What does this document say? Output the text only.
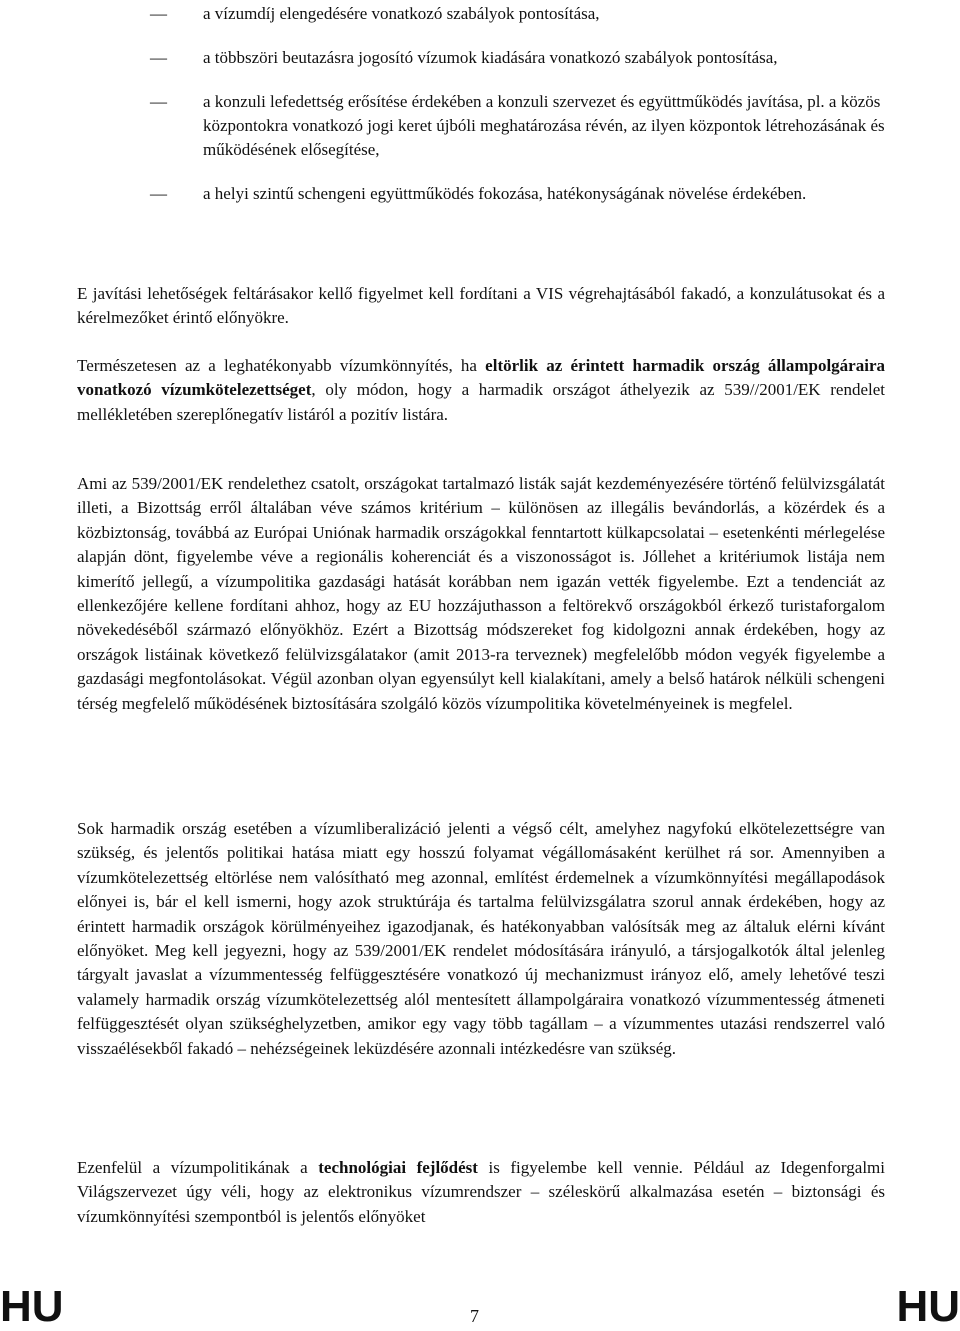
—	a vízumdíj elengedésére vonatkozó szabályok pontosítása,
—	a többszöri beutazásra jogosító vízumok kiadására vonatkozó szabályok pontosítása,
—	a konzuli lefedettség erősítése érdekében a konzuli szervezet és együttműködés javítása, pl. a közös központokra vonatkozó jogi keret újbóli meghatározása révén, az ilyen központok létrehozásának és működésének elősegítése,
—	a helyi szintű schengeni együttműködés fokozása, hatékonyságának növelése érdekében.
E javítási lehetőségek feltárásakor kellő figyelmet kell fordítani a VIS végrehajtásából fakadó, a konzulátusokat és a kérelmezőket érintő előnyökre.
Természetesen az a leghatékonyabb vízumkönnyítés, ha eltörlik az érintett harmadik ország állampolgáraira vonatkozó vízumkötelezettséget, oly módon, hogy a harmadik országot áthelyezik az 539//2001/EK rendelet mellékletében szereplőnegatív listáról a pozitív listára.
Ami az 539/2001/EK rendelethez csatolt, országokat tartalmazó listák saját kezdeményezésére történő felülvizsgálatát illeti, a Bizottság erről általában véve számos kritérium – különösen az illegális bevándorlás, a közérdek és a közbiztonság, továbbá az Európai Uniónak harmadik országokkal fenntartott külkapcsolatai – esetenkénti mérlegelése alapján dönt, figyelembe véve a regionális koherenciát és a viszonosságot is. Jóllehet a kritériumok listája nem kimerítő jellegű, a vízumpolitika gazdasági hatását korábban nem igazán vették figyelembe. Ezt a tendenciát az ellenkezőjére kellene fordítani ahhoz, hogy az EU hozzájuthasson a feltörekvő országokból érkező turistaforgalom növekedéséből származó előnyökhöz. Ezért a Bizottság módszereket fog kidolgozni annak érdekében, hogy az országok listáinak következő felülvizsgálatakor (amit 2013-ra terveznek) megfelelőbb módon vegyék figyelembe a gazdasági megfontolásokat. Végül azonban olyan egyensúlyt kell kialakítani, amely a belső határok nélküli schengeni térség megfelelő működésének biztosítására szolgáló közös vízumpolitika követelményeinek is megfelel.
Sok harmadik ország esetében a vízumliberalizáció jelenti a végső célt, amelyhez nagyfokú elkötelezettségre van szükség, és jelentős politikai hatása miatt egy hosszú folyamat végállomásaként kerülhet rá sor. Amennyiben a vízumkötelezettség eltörlése nem valósítható meg azonnal, említést érdemelnek a vízumkönnyítési megállapodások előnyei is, bár el kell ismerni, hogy azok struktúrája és tartalma felülvizsgálatra szorul annak érdekében, hogy az érintett harmadik országok körülményeihez igazodjanak, és hatékonyabban valósítsák meg az általuk elérni kívánt előnyöket. Meg kell jegyezni, hogy az 539/2001/EK rendelet módosítására irányuló, a társjogalkotók által jelenleg tárgyalt javaslat a vízummentesség felfüggesztésére vonatkozó új mechanizmust irányoz elő, amely lehetővé teszi valamely harmadik ország vízumkötelezettség alól mentesített állampolgáraira vonatkozó vízummentesség átmeneti felfüggesztését olyan szükséghelyzetben, amikor egy vagy több tagállam – a vízummentes utazási rendszerrel való visszaélésekből fakadó – nehézségeinek leküzdésére azonnali intézkedésre van szükség.
Ezenfelül a vízumpolitikának a technológiai fejlődést is figyelembe kell vennie. Például az Idegenforgalmi Világszervezet úgy véli, hogy az elektronikus vízumrendszer – széleskörű alkalmazása esetén – biztonsági és vízumkönnyítési szempontból is jelentős előnyöket
HU	7	HU
